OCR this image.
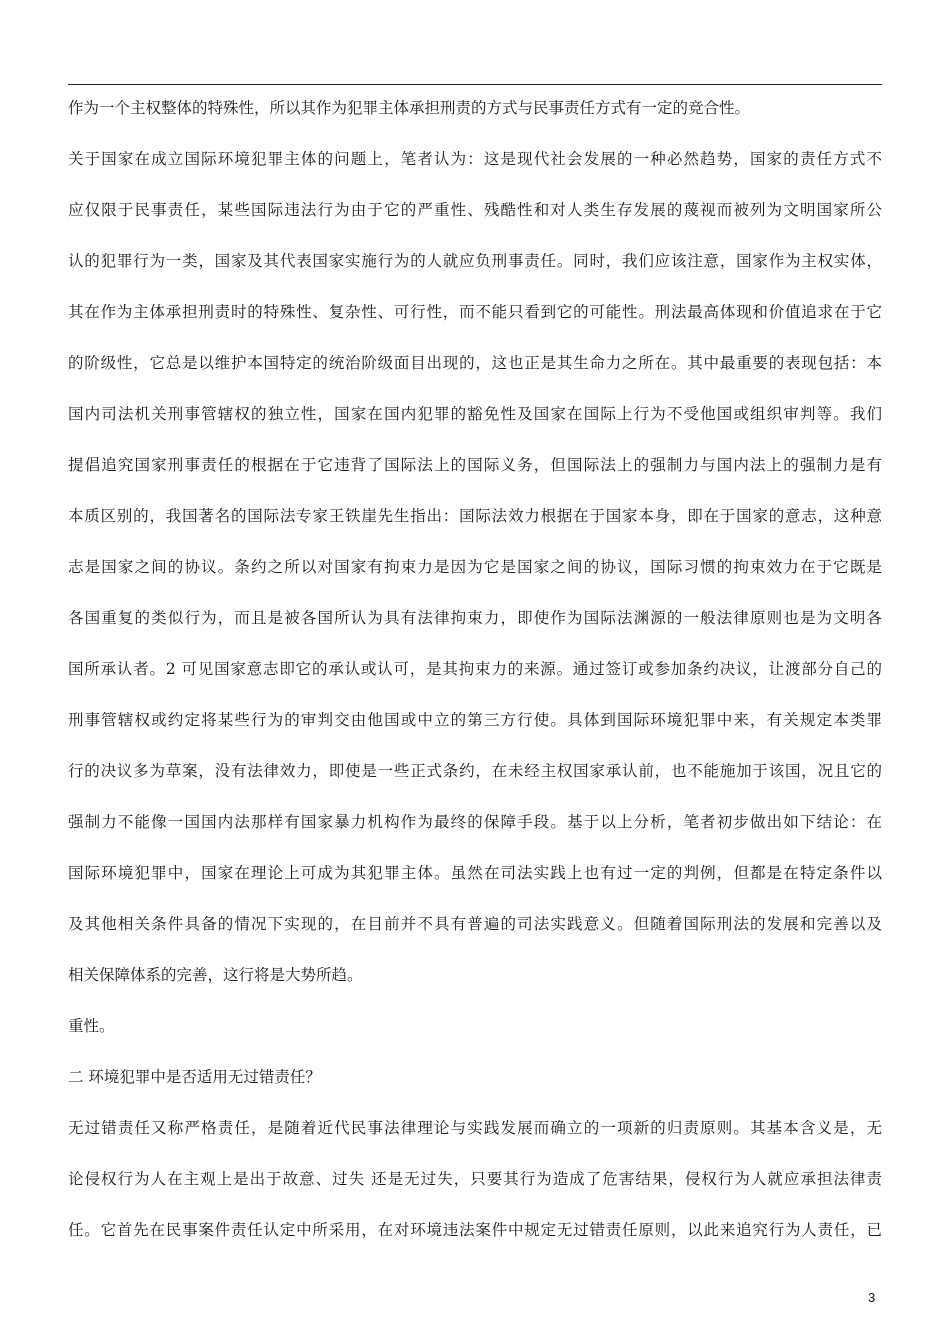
作为一个主权整体的特殊性，所以其作为犯罪主体承担刑责的方式与民事责任方式有一定的竞合性。
关于国家在成立国际环境犯罪主体的问题上，笔者认为：这是现代社会发展的一种必然趋势，国家的责任方式不
应仅限于民事责任，某些国际违法行为由于它的严重性、残酷性和对人类生存发展的蔑视而被列为文明国家所公
认的犯罪行为一类，国家及其代表国家实施行为的人就应负刑事责任。同时，我们应该注意，国家作为主权实体，
其在作为主体承担刑责时的特殊性、复杂性、可行性，而不能只看到它的可能性。刑法最高体现和价值追求在于它
的阶级性，它总是以维护本国特定的统治阶级面目出现的，这也正是其生命力之所在。其中最重要的表现包括：本
国内司法机关刑事管辖权的独立性，国家在国内犯罪的豁免性及国家在国际上行为不受他国或组织审判等。我们
提倡追究国家刑事责任的根据在于它违背了国际法上的国际义务，但国际法上的强制力与国内法上的强制力是有
本质区别的，我国著名的国际法专家王铁崖先生指出：国际法效力根据在于国家本身，即在于国家的意志，这种意
志是国家之间的协议。条约之所以对国家有拘束力是因为它是国家之间的协议，国际习惯的拘束效力在于它既是
各国重复的类似行为，而且是被各国所认为具有法律拘束力，即使作为国际法渊源的一般法律原则也是为文明各
国所承认者。2 可见国家意志即它的承认或认可，是其拘束力的来源。通过签订或参加条约决议，让渡部分自己的
刑事管辖权或约定将某些行为的审判交由他国或中立的第三方行使。具体到国际环境犯罪中来，有关规定本类罪
行的决议多为草案，没有法律效力，即使是一些正式条约，在未经主权国家承认前，也不能施加于该国，况且它的
强制力不能像一国国内法那样有国家暴力机构作为最终的保障手段。基于以上分析，笔者初步做出如下结论：在
国际环境犯罪中，国家在理论上可成为其犯罪主体。虽然在司法实践上也有过一定的判例，但都是在特定条件以
及其他相关条件具备的情况下实现的，在目前并不具有普遍的司法实践意义。但随着国际刑法的发展和完善以及
相关保障体系的完善，这行将是大势所趋。
重性。
二 环境犯罪中是否适用无过错责任？
无过错责任又称严格责任，是随着近代民事法律理论与实践发展而确立的一项新的归责原则。其基本含义是，无
论侵权行为人在主观上是出于故意、过失 还是无过失，只要其行为造成了危害结果，侵权行为人就应承担法律责
任。它首先在民事案件责任认定中所采用，在对环境违法案件中规定无过错责任原则，以此来追究行为人责任，已
3
